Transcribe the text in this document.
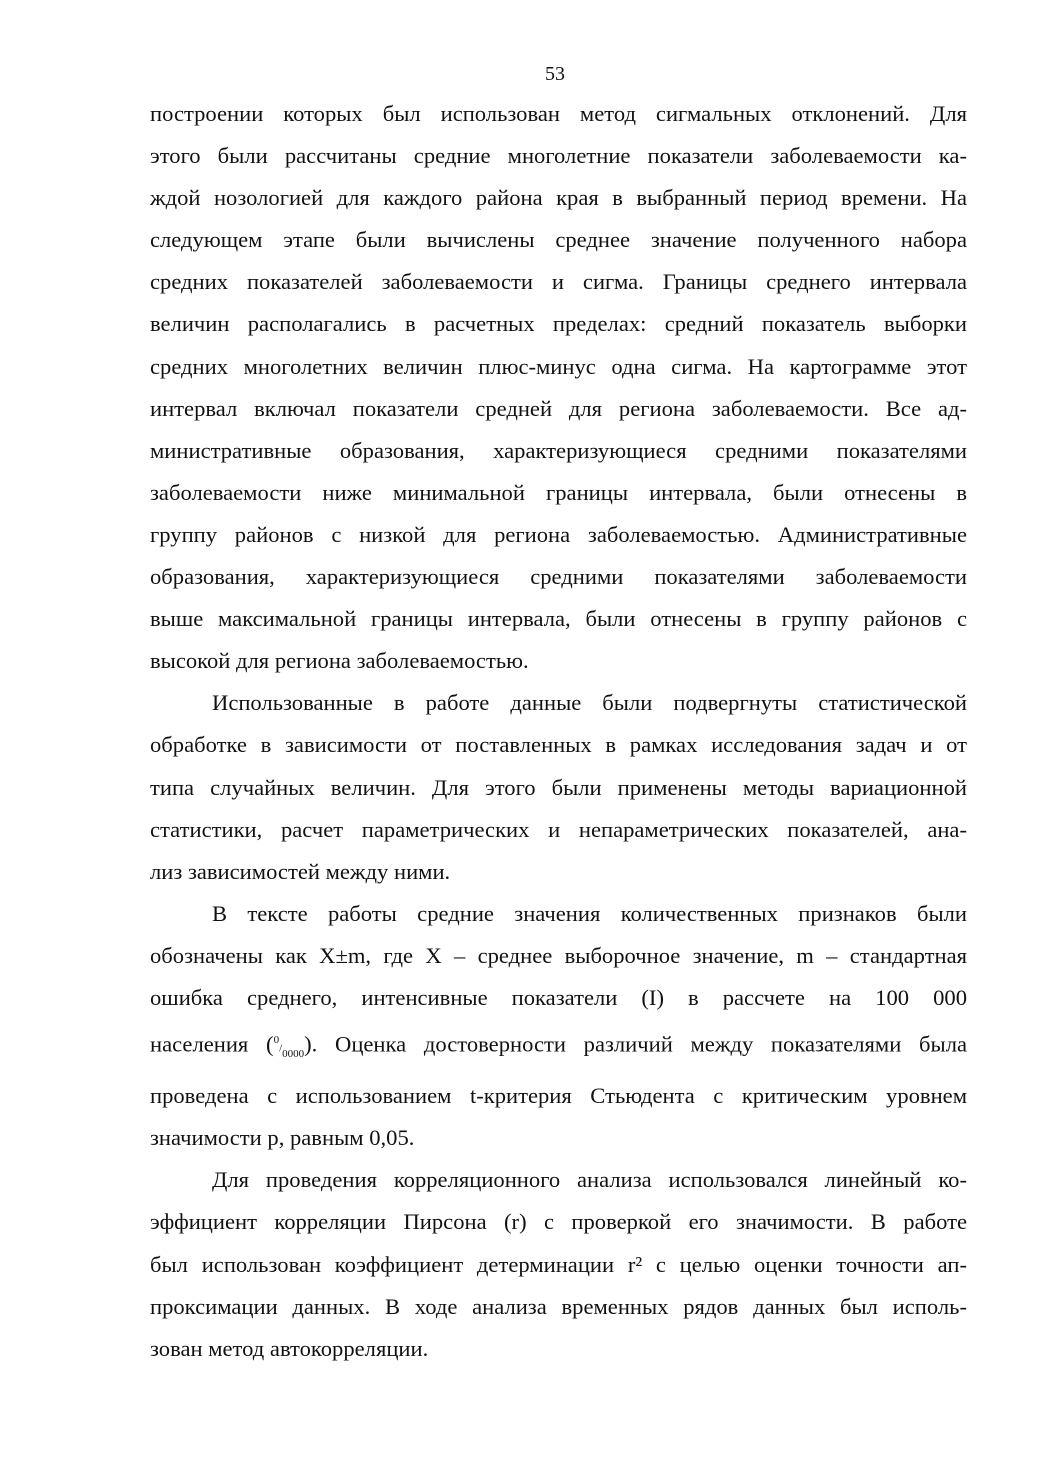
53
построении которых был использован метод сигмальных отклонений. Для
этого были рассчитаны средние многолетние показатели заболеваемости ка-
ждой нозологией для каждого района края в выбранный период времени. На
следующем этапе были вычислены среднее значение полученного набора
средних показателей заболеваемости и сигма. Границы среднего интервала
величин располагались в расчетных пределах: средний показатель выборки
средних многолетних величин плюс-минус одна сигма. На картограмме этот
интервал включал показатели средней для региона заболеваемости. Все ад-
министративные образования, характеризующиеся средними показателями
заболеваемости ниже минимальной границы интервала, были отнесены в
группу районов с низкой для региона заболеваемостью. Административные
образования, характеризующиеся средними показателями заболеваемости
выше максимальной границы интервала, были отнесены в группу районов с
высокой для региона заболеваемостью.
Использованные в работе данные были подвергнуты статистической
обработке в зависимости от поставленных в рамках исследования задач и от
типа случайных величин. Для этого были применены методы вариационной
статистики, расчет параметрических и непараметрических показателей, ана-
лиз зависимостей между ними.
В тексте работы средние значения количественных признаков были
обозначены как X±m, где X – среднее выборочное значение, m – стандартная
ошибка среднего, интенсивные показатели (I) в рассчете на 100 000
населения $(^0/_{0000})$. Оценка достоверности различий между показателями была
проведена с использованием t-критерия Стьюдента с критическим уровнем
значимости p, равным 0,05.
Для проведения корреляционного анализа использовался линейный ко-
эффициент корреляции Пирсона (r) с проверкой его значимости. В работе
был использован коэффициент детерминации r² с целью оценки точности ап-
проксимации данных. В ходе анализа временных рядов данных был исполь-
зован метод автокорреляции.
